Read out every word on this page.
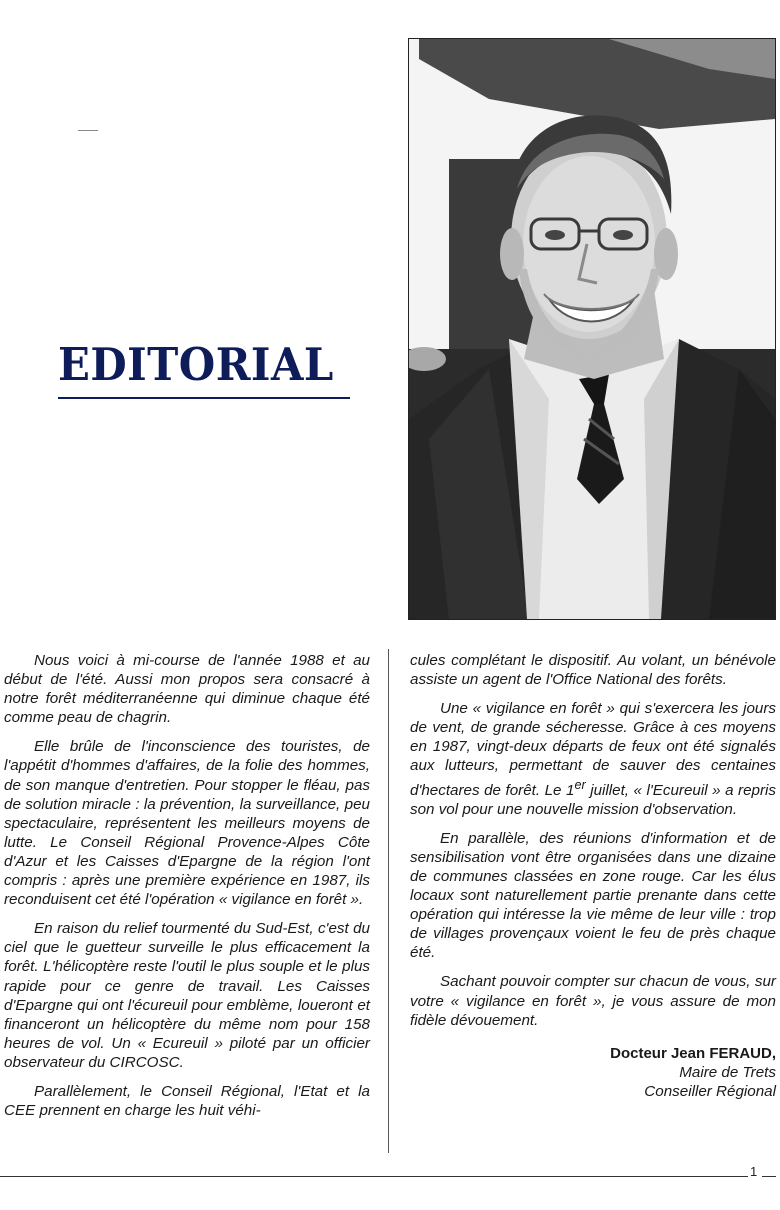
EDITORIAL

Nous voici à mi-course de l'année 1988 et au début de l'été. Aussi mon propos sera consacré à notre forêt méditerranéenne qui diminue chaque été comme peau de chagrin.

Elle brûle de l'inconscience des touristes, de l'appétit d'hommes d'affaires, de la folie des hommes, de son manque d'entretien. Pour stopper le fléau, pas de solution miracle : la prévention, la surveillance, peu spectaculaire, représentent les meilleurs moyens de lutte. Le Conseil Régional Provence-Alpes Côte d'Azur et les Caisses d'Epargne de la région l'ont compris : après une première expérience en 1987, ils reconduisent cet été l'opération « vigilance en forêt ».

En raison du relief tourmenté du Sud-Est, c'est du ciel que le guetteur surveille le plus efficacement la forêt. L'hélicoptère reste l'outil le plus souple et le plus rapide pour ce genre de travail. Les Caisses d'Epargne qui ont l'écureuil pour emblème, loueront et financeront un hélicoptère du même nom pour 158 heures de vol. Un « Ecureuil » piloté par un officier observateur du CIRCOSC.

Parallèlement, le Conseil Régional, l'Etat et la CEE prennent en charge les huit véhi-

cules complétant le dispositif. Au volant, un bénévole assiste un agent de l'Office National des forêts.

Une « vigilance en forêt » qui s'exercera les jours de vent, de grande sécheresse. Grâce à ces moyens en 1987, vingt-deux départs de feux ont été signalés aux lutteurs, permettant de sauver des centaines d'hectares de forêt. Le 1er juillet, « l'Ecureuil » a repris son vol pour une nouvelle mission d'observation.

En parallèle, des réunions d'information et de sensibilisation vont être organisées dans une dizaine de communes classées en zone rouge. Car les élus locaux sont naturellement partie prenante dans cette opération qui intéresse la vie même de leur ville : trop de villages provençaux voient le feu de près chaque été.

Sachant pouvoir compter sur chacun de vous, sur votre « vigilance en forêt », je vous assure de mon fidèle dévouement.

Docteur Jean FERAUD,
Maire de Trets
Conseiller Régional
1
